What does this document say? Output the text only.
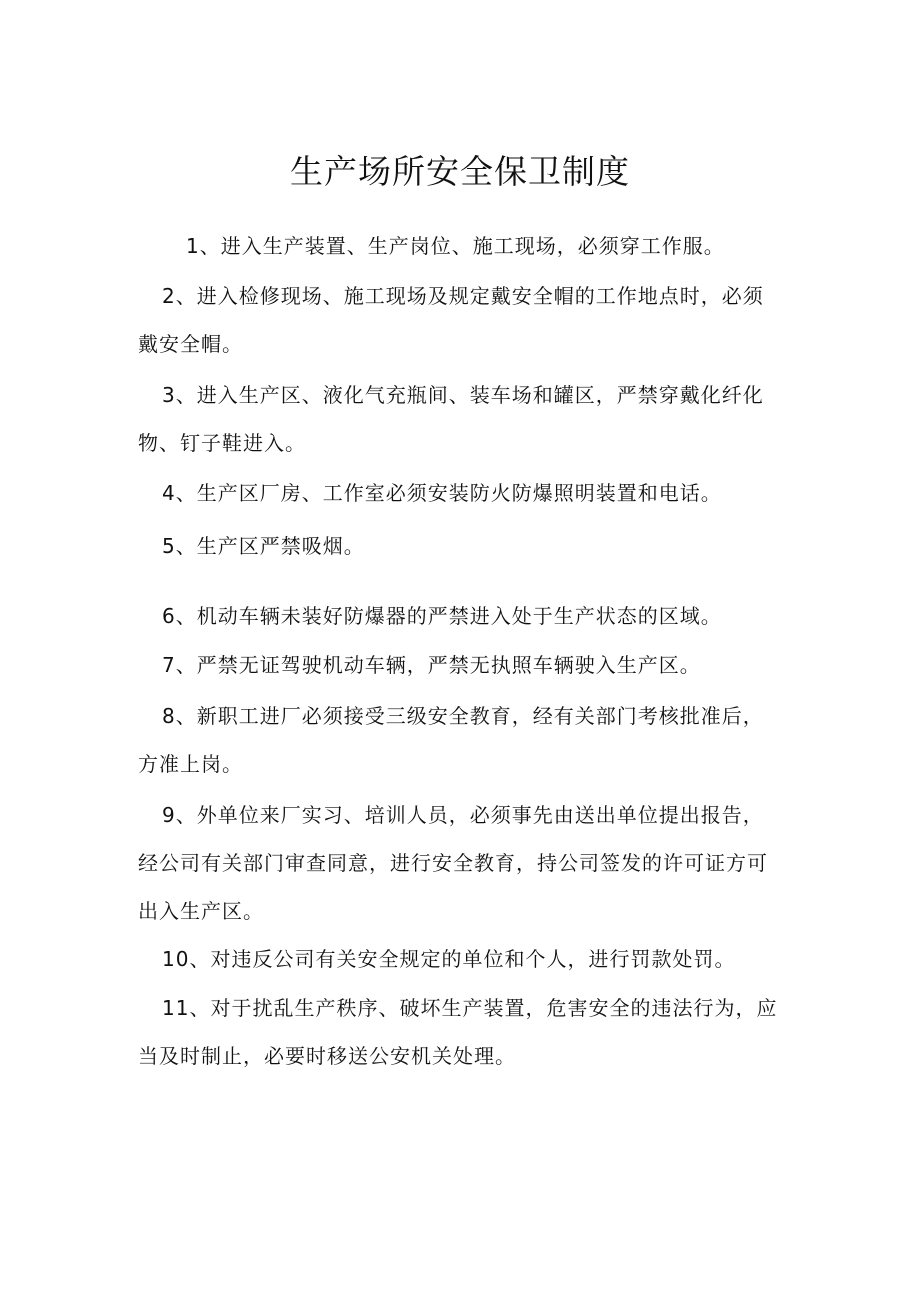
生产场所安全保卫制度

1、进入生产装置、生产岗位、施工现场，必须穿工作服。

2、进入检修现场、施工现场及规定戴安全帽的工作地点时，必须
戴安全帽。

3、进入生产区、液化气充瓶间、装车场和罐区，严禁穿戴化纤化
物、钉子鞋进入。

4、生产区厂房、工作室必须安装防火防爆照明装置和电话。

5、生产区严禁吸烟。

6、机动车辆未装好防爆器的严禁进入处于生产状态的区域。

7、严禁无证驾驶机动车辆，严禁无执照车辆驶入生产区。

8、新职工进厂必须接受三级安全教育，经有关部门考核批准后，
方准上岗。

9、外单位来厂实习、培训人员，必须事先由送出单位提出报告，
经公司有关部门审查同意，进行安全教育，持公司签发的许可证方可
出入生产区。

10、对违反公司有关安全规定的单位和个人，进行罚款处罚。

11、对于扰乱生产秩序、破坏生产装置，危害安全的违法行为，应
当及时制止，必要时移送公安机关处理。
